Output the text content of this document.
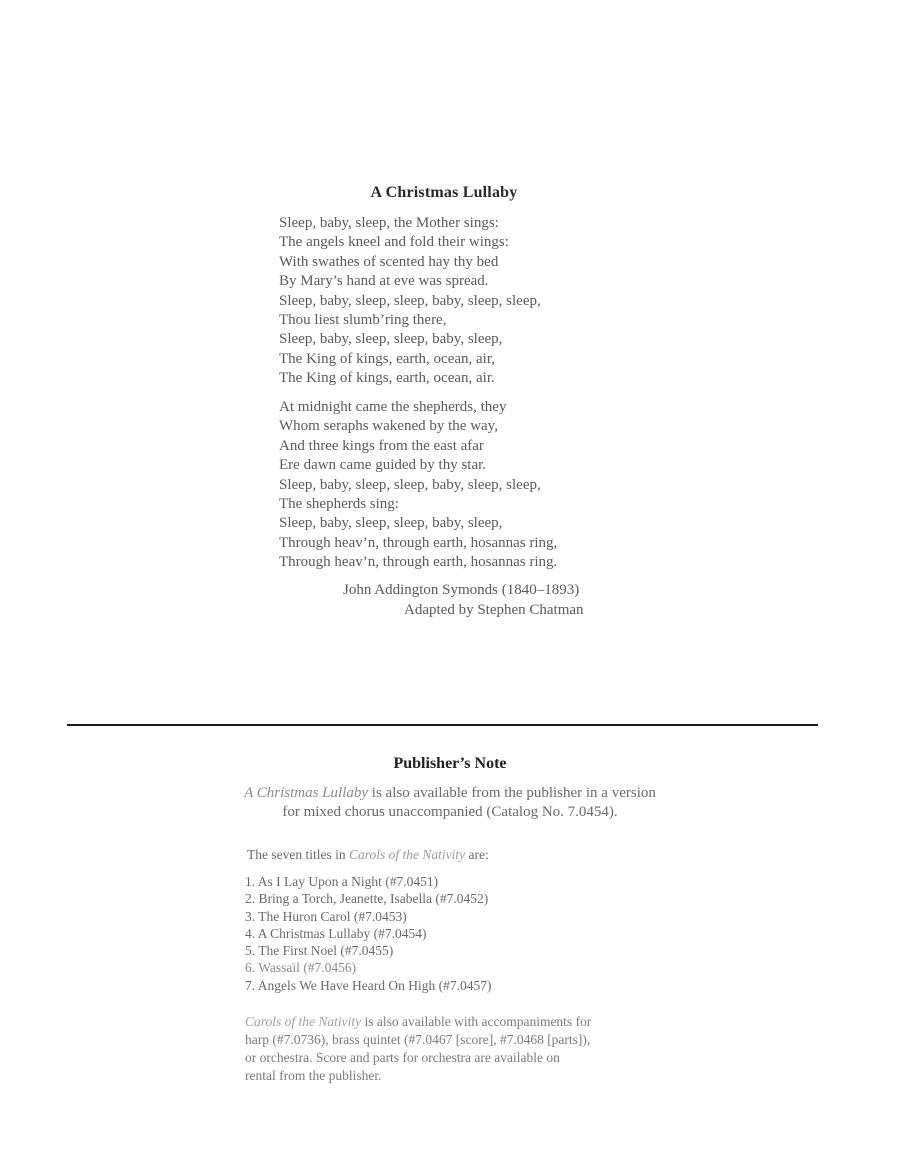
A Christmas Lullaby
Sleep, baby, sleep, the Mother sings:
The angels kneel and fold their wings:
With swathes of scented hay thy bed
By Mary’s hand at eve was spread.
Sleep, baby, sleep, sleep, baby, sleep, sleep,
Thou liest slumb’ring there,
Sleep, baby, sleep, sleep, baby, sleep,
The King of kings, earth, ocean, air,
The King of kings, earth, ocean, air.
At midnight came the shepherds, they
Whom seraphs wakened by the way,
And three kings from the east afar
Ere dawn came guided by thy star.
Sleep, baby, sleep, sleep, baby, sleep, sleep,
The shepherds sing:
Sleep, baby, sleep, sleep, baby, sleep,
Through heav’n, through earth, hosannas ring,
Through heav’n, through earth, hosannas ring.
John Addington Symonds (1840–1893)
Adapted by Stephen Chatman
Publisher’s Note
A Christmas Lullaby is also available from the publisher in a version
for mixed chorus unaccompanied (Catalog No. 7.0454).
The seven titles in Carols of the Nativity are:
1. As I Lay Upon a Night (#7.0451)
2. Bring a Torch, Jeanette, Isabella (#7.0452)
3. The Huron Carol (#7.0453)
4. A Christmas Lullaby (#7.0454)
5. The First Noel (#7.0455)
6. Wassail (#7.0456)
7. Angels We Have Heard On High (#7.0457)
Carols of the Nativity is also available with accompaniments for
harp (#7.0736), brass quintet (#7.0467 [score], #7.0468 [parts]),
or orchestra. Score and parts for orchestra are available on
rental from the publisher.
